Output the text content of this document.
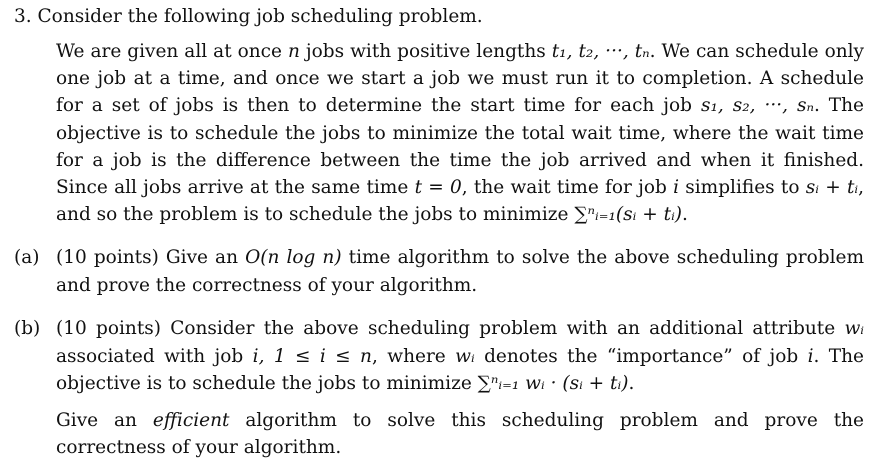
3. Consider the following job scheduling problem.
We are given all at once n jobs with positive lengths t₁, t₂, ···, tₙ. We can schedule only one job at a time, and once we start a job we must run it to completion. A schedule for a set of jobs is then to determine the start time for each job s₁, s₂, ···, sₙ. The objective is to schedule the jobs to minimize the total wait time, where the wait time for a job is the difference between the time the job arrived and when it finished. Since all jobs arrive at the same time t = 0, the wait time for job i simplifies to sᵢ + tᵢ, and so the problem is to schedule the jobs to minimize ∑ⁿᵢ₌₁(sᵢ + tᵢ).
(a) (10 points) Give an O(n log n) time algorithm to solve the above scheduling problem and prove the correctness of your algorithm.
(b) (10 points) Consider the above scheduling problem with an additional attribute wᵢ associated with job i, 1 ≤ i ≤ n, where wᵢ denotes the “importance” of job i. The objective is to schedule the jobs to minimize ∑ⁿᵢ₌₁ wᵢ · (sᵢ + tᵢ).
Give an efficient algorithm to solve this scheduling problem and prove the correctness of your algorithm.
